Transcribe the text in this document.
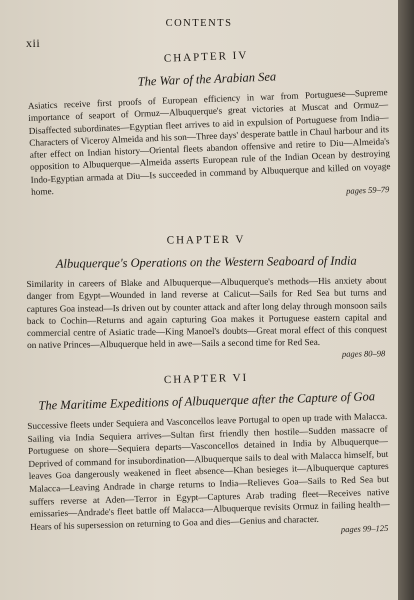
CONTENTS
xii

CHAPTER IV

The War of the Arabian Sea

Asiatics receive first proofs of European efficiency in war from Portuguese—Supreme importance of seaport of Ormuz—Albuquerque's great victories at Muscat and Ormuz—Disaffected subordinates—Egyptian fleet arrives to aid in expulsion of Portuguese from India—Characters of Viceroy Almeida and his son—Three days' desperate battle in Chaul harbour and its after effect on Indian history—Oriental fleets abandon offensive and retire to Diu—Almeida's opposition to Albuquerque—Almeida asserts European rule of the Indian Ocean by destroying Indo-Egyptian armada at Diu—Is succeeded in command by Albuquerque and killed on voyage home.	pages 59–79

CHAPTER V

Albuquerque's Operations on the Western Seaboard of India

Similarity in careers of Blake and Albuquerque—Albuquerque's methods—His anxiety about danger from Egypt—Wounded in land reverse at Calicut—Sails for Red Sea but turns and captures Goa instead—Is driven out by counter attack and after long delay through monsoon sails back to Cochin—Returns and again capturing Goa makes it Portuguese eastern capital and commercial centre of Asiatic trade—King Manoel's doubts—Great moral effect of this conquest on native Princes—Albuquerque held in awe—Sails a second time for Red Sea.

pages 80–98

CHAPTER VI

The Maritime Expeditions of Albuquerque after the Capture of Goa

Successive fleets under Sequiera and Vasconcellos leave Portugal to open up trade with Malacca. Sailing via India Sequiera arrives—Sultan first friendly then hostile—Sudden massacre of Portuguese on shore—Sequiera departs—Vasconcellos detained in India by Albuquerque—Deprived of command for insubordination—Albuquerque sails to deal with Malacca himself, but leaves Goa dangerously weakened in fleet absence—Khan besieges it—Albuquerque captures Malacca—Leaving Andrade in charge returns to India—Relieves Goa—Sails to Red Sea but suffers reverse at Aden—Terror in Egypt—Captures Arab trading fleet—Receives native emissaries—Andrade's fleet battle off Malacca—Albuquerque revisits Ormuz in failing health—Hears of his supersession on returning to Goa and dies—Genius and character.	pages 99–125
